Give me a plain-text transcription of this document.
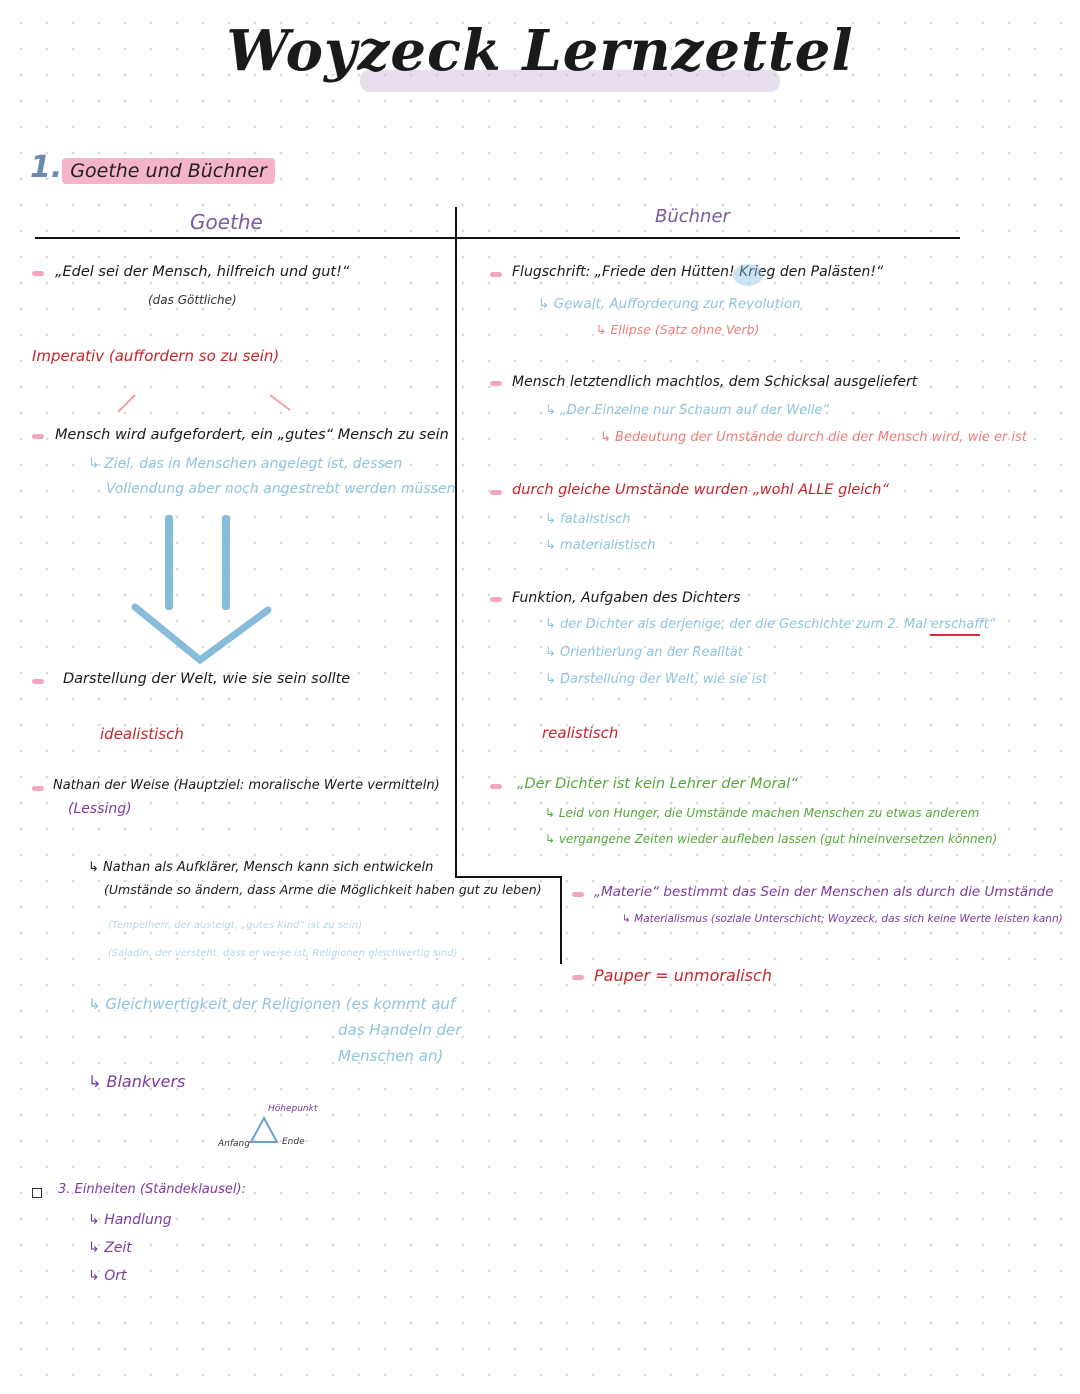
Woyzeck Lernzettel
1. Goethe und Büchner
Goethe	Büchner
„Edel sei der Mensch, hilfreich und gut!“
(das Göttliche)
Imperativ (auffordern so zu sein)
Mensch wird aufgefordert, ein „gutes“ Mensch zu sein
↳ Ziel, das in Menschen angelegt ist, dessen
Vollendung aber noch angestrebt werden müssen
Darstellung der Welt, wie sie sein sollte
idealistisch
Nathan der Weise (Hauptziel: moralische Werte vermitteln)
(Lessing)
↳ Nathan als Aufklärer, Mensch kann sich entwickeln
(Umstände so ändern, dass Arme die Möglichkeit haben gut zu leben)
(Tempelherr, der austeigt, „gutes Kind“ ist zu sein)
(Saladin, der versteht, dass er weise ist, Religionen gleichwertig sind)
↳ Gleichwertigkeit der Religionen (es kommt auf
das Handeln der
Menschen an)
↳ Blankvers
Höhepunkt
Anfang	Ende
3. Einheiten (Ständeklausel):
↳ Handlung
↳ Zeit
↳ Ort
Flugschrift: „Friede den Hütten! Krieg den Palästen!“
↳ Gewalt, Aufforderung zur Revolution
↳ Ellipse (Satz ohne Verb)
Mensch letztendlich machtlos, dem Schicksal ausgeliefert
↳ „Der Einzelne nur Schaum auf der Welle“
↳ Bedeutung der Umstände durch die der Mensch wird, wie er ist
durch gleiche Umstände wurden „wohl ALLE gleich“
↳ fatalistisch
↳ materialistisch
Funktion, Aufgaben des Dichters
↳ der Dichter als derjenige, der die Geschichte zum 2. Mal erschafft“
↳ Orientierung an der Realität
↳ Darstellung der Welt, wie sie ist
realistisch
„Der Dichter ist kein Lehrer der Moral“
↳ Leid von Hunger, die Umstände machen Menschen zu etwas anderem
↳ vergangene Zeiten wieder aufleben lassen (gut hineinversetzen können)
„Materie“ bestimmt das Sein der Menschen als durch die Umstände
↳ Materialismus (soziale Unterschicht; Woyzeck, das sich keine Werte leisten kann)
Pauper = unmoralisch
